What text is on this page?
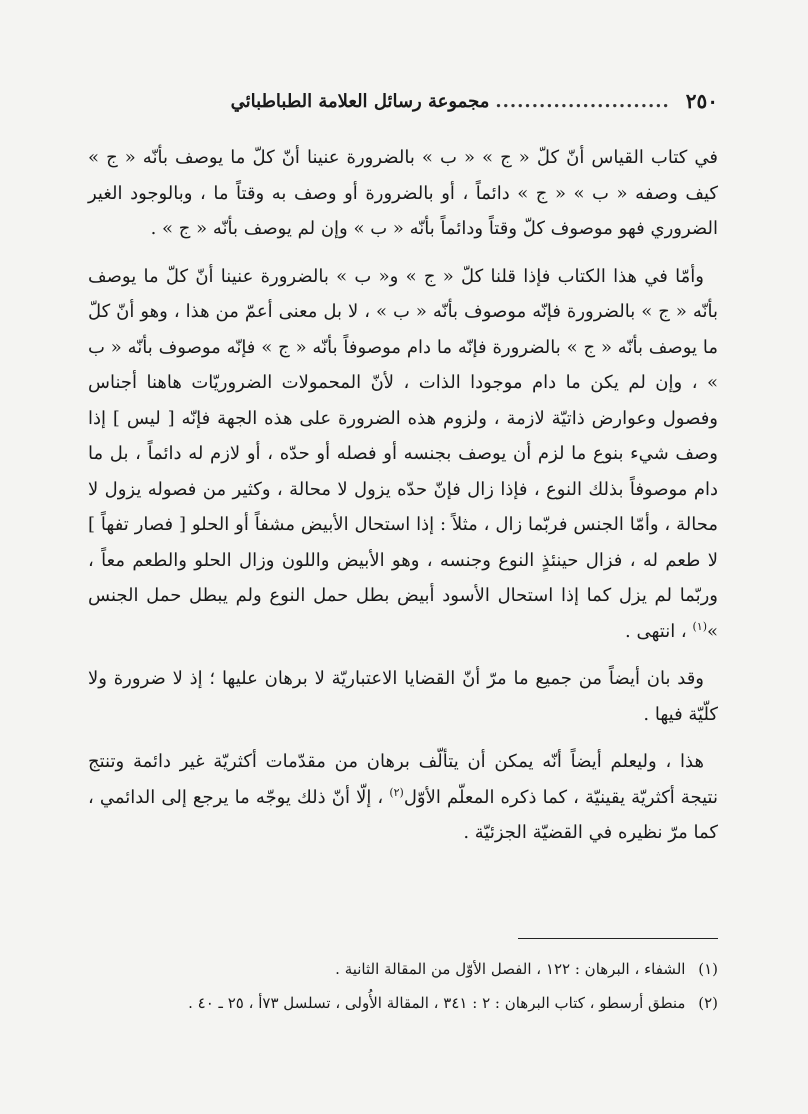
٢٥٠
........................
مجموعة رسائل العلامة الطباطبائي

في كتاب القياس أنّ كلّ « ج » « ب » بالضرورة عنينا أنّ كلّ ما يوصف بأنّه « ج » كيف وصفه « ب » « ج » دائماً ، أو بالضرورة أو وصف به وقتاً ما ، وبالوجود الغير الضروري فهو موصوف كلّ وقتاً ودائماً بأنّه « ب » وإن لم يوصف بأنّه « ج » .

وأمّا في هذا الكتاب فإذا قلنا كلّ « ج » و« ب » بالضرورة عنينا أنّ كلّ ما يوصف بأنّه « ج » بالضرورة فإنّه موصوف بأنّه « ب » ، لا بل معنى أعمّ من هذا ، وهو أنّ كلّ ما يوصف بأنّه « ج » بالضرورة فإنّه ما دام موصوفاً بأنّه « ج » فإنّه موصوف بأنّه « ب » ، وإن لم يكن ما دام موجودا الذات ، لأنّ المحمولات الضروريّات هاهنا أجناس وفصول وعوارض ذاتيّة لازمة ، ولزوم هذه الضرورة على هذه الجهة فإنّه [ ليس ] إذا وصف شيء بنوع ما لزم أن يوصف بجنسه أو فصله أو حدّه ، أو لازم له دائماً ، بل ما دام موصوفاً بذلك النوع ، فإذا زال فإنّ حدّه يزول لا محالة ، وكثير من فصوله يزول لا محالة ، وأمّا الجنس فربّما زال ، مثلاً : إذا استحال الأبيض مشفاً أو الحلو [ فصار تفهاً ] لا طعم له ، فزال حينئذٍ النوع وجنسه ، وهو الأبيض واللون وزال الحلو والطعم معاً ، وربّما لم يزل كما إذا استحال الأسود أبيض بطل حمل النوع ولم يبطل حمل الجنس »$^{(١)}$ ، انتهى .

وقد بان أيضاً من جميع ما مرّ أنّ القضايا الاعتباريّة لا برهان عليها ؛ إذ لا ضرورة ولا كلّيّة فيها .

هذا ، وليعلم أيضاً أنّه يمكن أن يتألّف برهان من مقدّمات أكثريّة غير دائمة وتنتج نتيجة أكثريّة يقينيّة ، كما ذكره المعلّم الأوّل$^{(٢)}$ ، إلّا أنّ ذلك يوجّه ما يرجع إلى الدائمي ، كما مرّ نظيره في القضيّة الجزئيّة .

(١) الشفاء ، البرهان : ١٢٢ ، الفصل الأوّل من المقالة الثانية .
(٢) منطق أرسطو ، كتاب البرهان : ٢ : ٣٤١ ، المقالة الأُولى ، تسلسل ٧٣أ ، ٢٥ ـ ٤٠ .
